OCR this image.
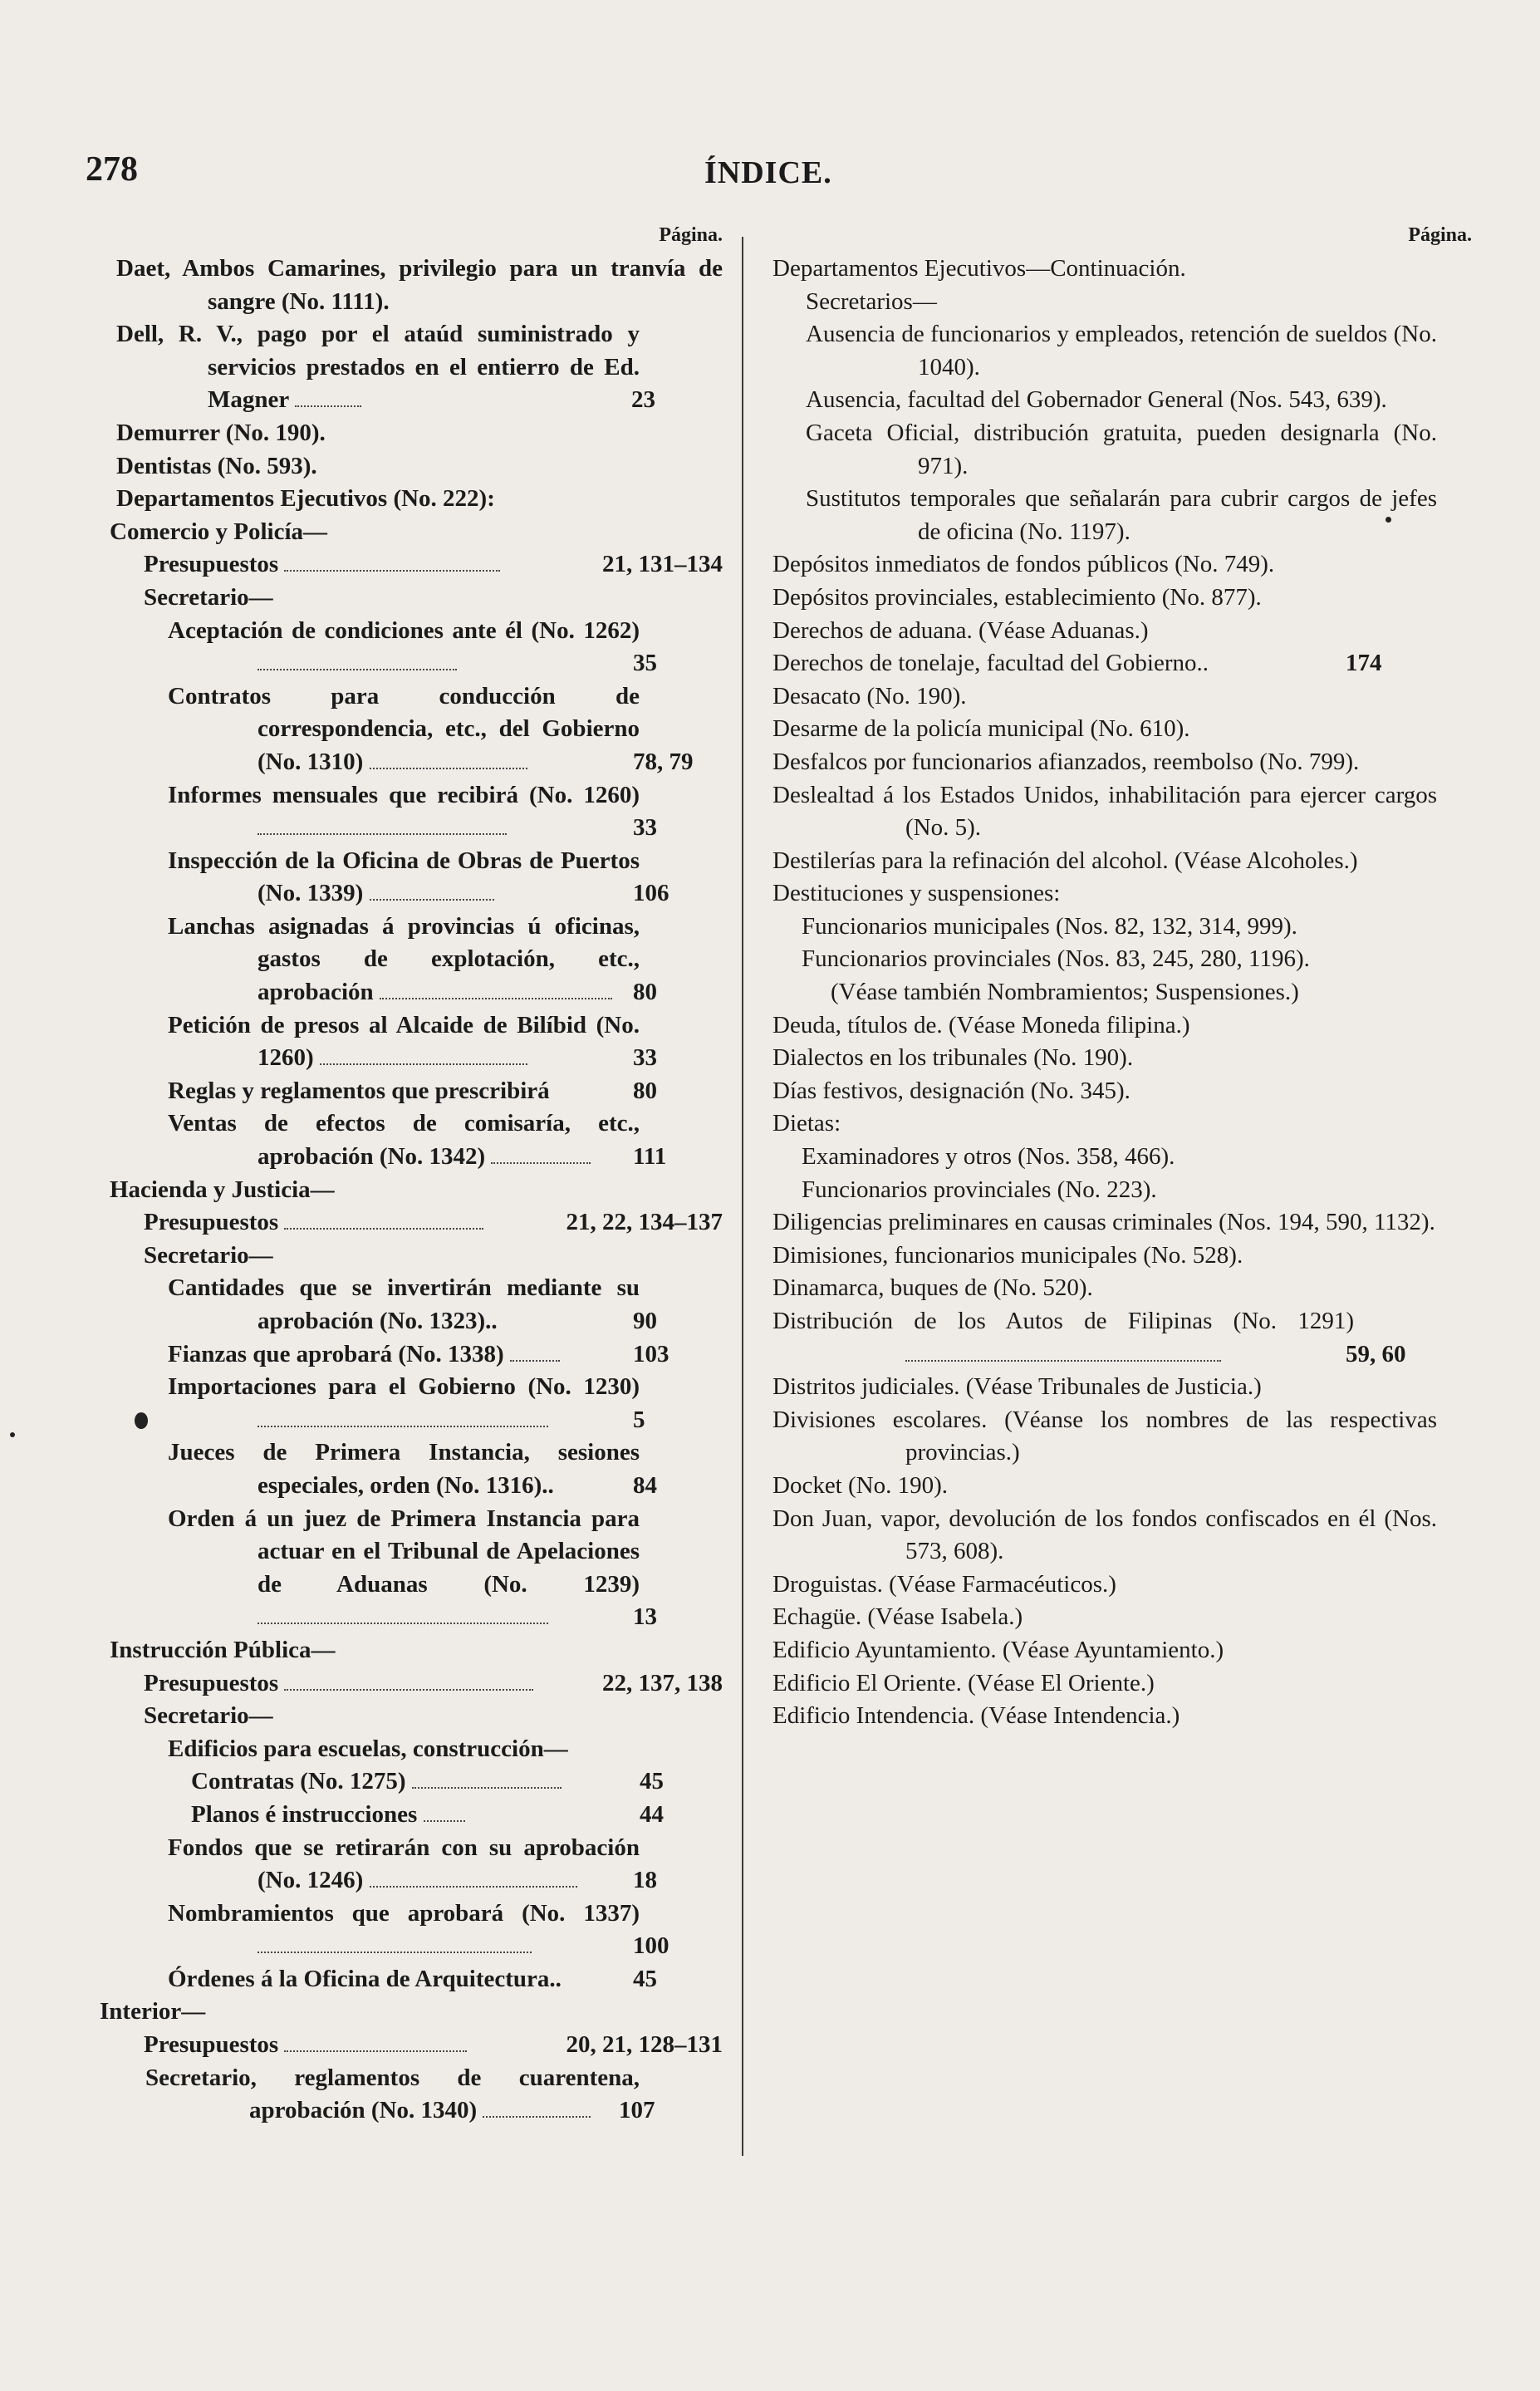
278	ÍNDICE.
Página.
Daet, Ambos Camarines, privilegio para un tranvía de sangre (No. 1111).
Dell, R. V., pago por el ataúd suministrado y servicios prestados en el entierro de Ed. Magner	23
Demurrer (No. 190).
Dentistas (No. 593).
Departamentos Ejecutivos (No. 222):
Comercio y Policía—
Presupuestos	21, 131–134
Secretario—
Aceptación de condiciones ante él (No. 1262)
35
Contratos para conducción de correspondencia, etc., del Gobierno (No. 1310)	78, 79
Informes mensuales que recibirá (No. 1260)
33
Inspección de la Oficina de Obras de Puertos (No. 1339)	106
Lanchas asignadas á provincias ú oficinas, gastos de explotación, etc., aprobación	80
Petición de presos al Alcaide de Bilíbid (No. 1260)	33
Reglas y reglamentos que prescribirá	80
Ventas de efectos de comisaría, etc., aprobación (No. 1342)	111
Hacienda y Justicia—
Presupuestos	21, 22, 134–137
Secretario—
Cantidades que se invertirán mediante su aprobación (No. 1323)..	90
Fianzas que aprobará (No. 1338)	103
Importaciones para el Gobierno (No. 1230)
5
Jueces de Primera Instancia, sesiones especiales, orden (No. 1316)..	84
Orden á un juez de Primera Instancia para actuar en el Tribunal de Apelaciones de Aduanas (No. 1239)
13
Instrucción Pública—
Presupuestos	22, 137, 138
Secretario—
Edificios para escuelas, construcción—
Contratas (No. 1275)	45
Planos é instrucciones	44
Fondos que se retirarán con su aprobación (No. 1246)	18
Nombramientos que aprobará (No. 1337)
100
Órdenes á la Oficina de Arquitectura..	45
Interior—
Presupuestos	20, 21, 128–131
Secretario, reglamentos de cuarentena, aprobación (No. 1340)	107
Página.
Departamentos Ejecutivos—Continuación.
Secretarios—
Ausencia de funcionarios y empleados, retención de sueldos (No. 1040).
Ausencia, facultad del Gobernador General (Nos. 543, 639).
Gaceta Oficial, distribución gratuita, pueden designarla (No. 971).
Sustitutos temporales que señalarán para cubrir cargos de jefes de oficina (No. 1197).
Depósitos inmediatos de fondos públicos (No. 749).
Depósitos provinciales, establecimiento (No. 877).
Derechos de aduana. (Véase Aduanas.)
Derechos de tonelaje, facultad del Gobierno..	174
Desacato (No. 190).
Desarme de la policía municipal (No. 610).
Desfalcos por funcionarios afianzados, reembolso (No. 799).
Deslealtad á los Estados Unidos, inhabilitación para ejercer cargos (No. 5).
Destilerías para la refinación del alcohol. (Véase Alcoholes.)
Destituciones y suspensiones:
Funcionarios municipales (Nos. 82, 132, 314, 999).
Funcionarios provinciales (Nos. 83, 245, 280, 1196).
(Véase también Nombramientos; Suspensiones.)
Deuda, títulos de. (Véase Moneda filipina.)
Dialectos en los tribunales (No. 190).
Días festivos, designación (No. 345).
Dietas:
Examinadores y otros (Nos. 358, 466).
Funcionarios provinciales (No. 223).
Diligencias preliminares en causas criminales (Nos. 194, 590, 1132).
Dimisiones, funcionarios municipales (No. 528).
Dinamarca, buques de (No. 520).
Distribución de los Autos de Filipinas (No. 1291)
59, 60
Distritos judiciales. (Véase Tribunales de Justicia.)
Divisiones escolares. (Véanse los nombres de las respectivas provincias.)
Docket (No. 190).
Don Juan, vapor, devolución de los fondos confiscados en él (Nos. 573, 608).
Droguistas. (Véase Farmacéuticos.)
Echagüe. (Véase Isabela.)
Edificio Ayuntamiento. (Véase Ayuntamiento.)
Edificio El Oriente. (Véase El Oriente.)
Edificio Intendencia. (Véase Intendencia.)
